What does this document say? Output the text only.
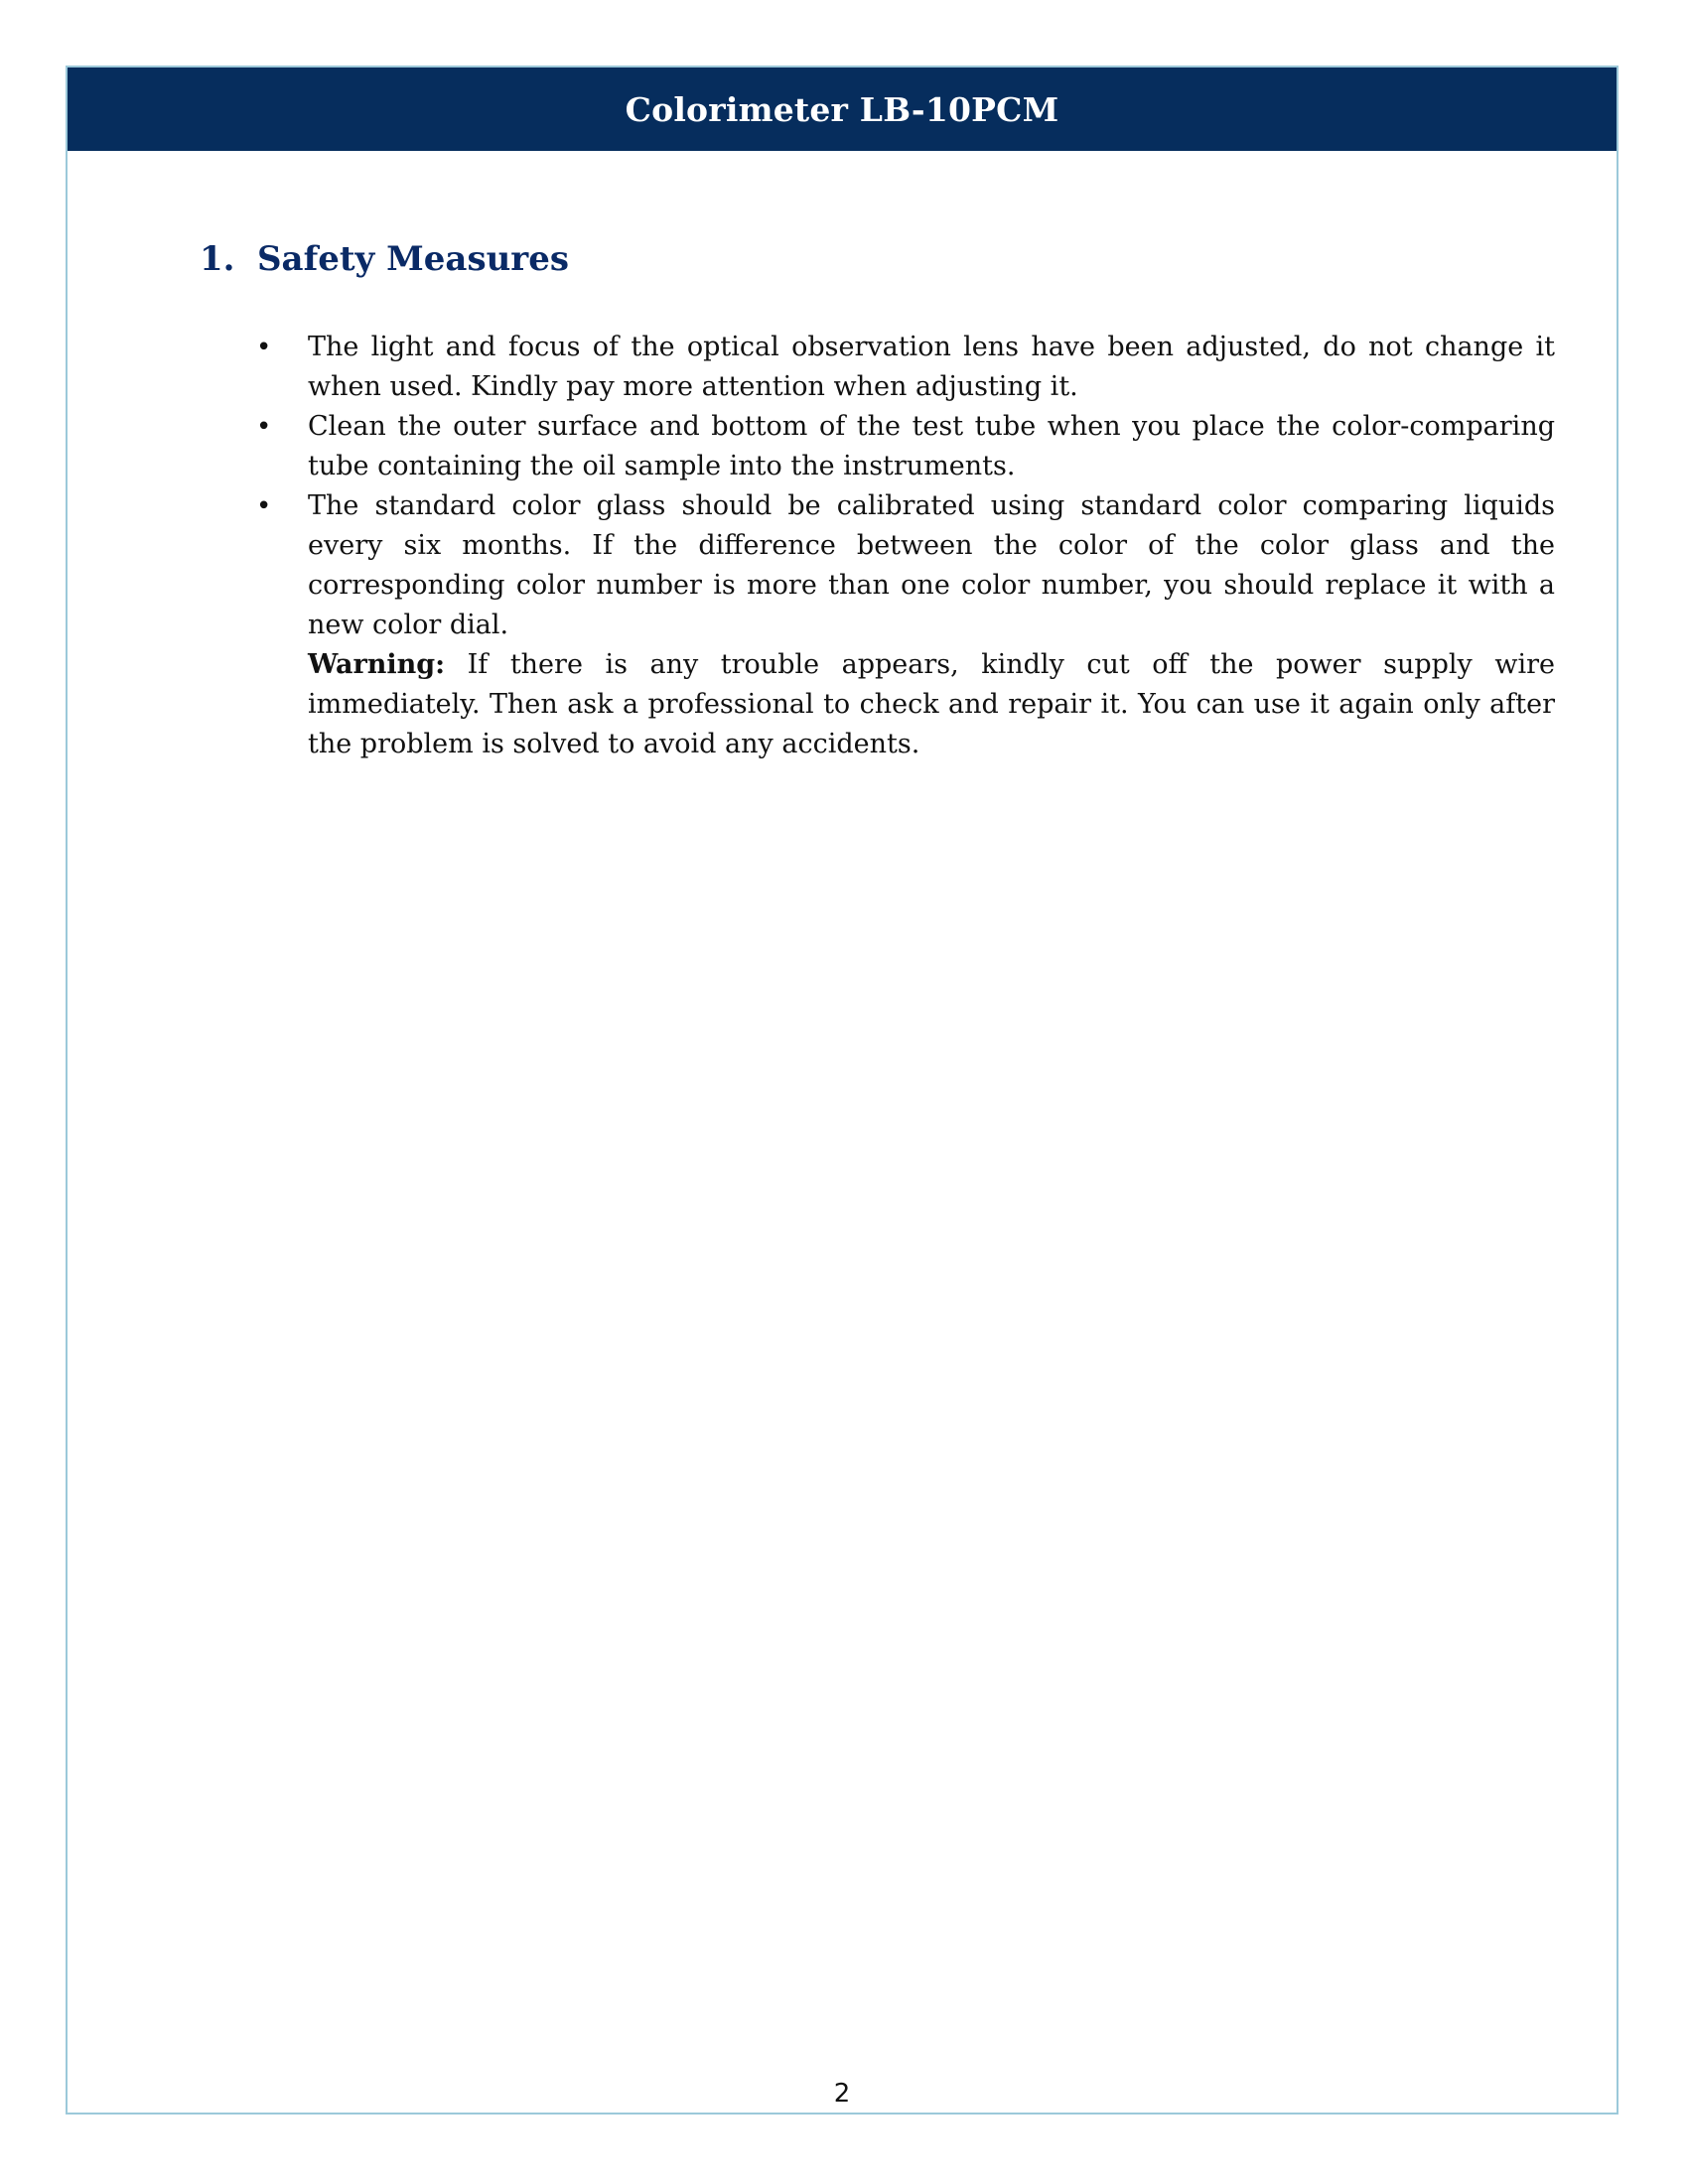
Colorimeter LB-10PCM
1. Safety Measures
• The light and focus of the optical observation lens have been adjusted, do not change it when used. Kindly pay more attention when adjusting it.
• Clean the outer surface and bottom of the test tube when you place the color-comparing tube containing the oil sample into the instruments.
• The standard color glass should be calibrated using standard color comparing liquids every six months. If the difference between the color of the color glass and the corresponding color number is more than one color number, you should replace it with a new color dial.
Warning: If there is any trouble appears, kindly cut off the power supply wire immediately. Then ask a professional to check and repair it. You can use it again only after the problem is solved to avoid any accidents.
2
